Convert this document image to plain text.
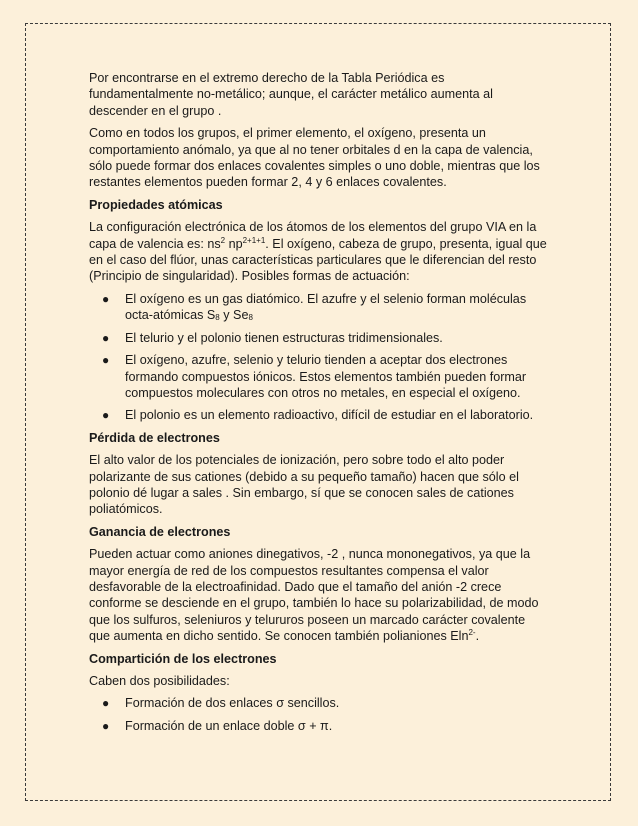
Por encontrarse en el extremo derecho de la Tabla Periódica es fundamentalmente no-metálico; aunque, el carácter metálico aumenta al descender en el grupo .

Como en todos los grupos, el primer elemento, el oxígeno, presenta un comportamiento anómalo, ya que al no tener orbitales d en la capa de valencia, sólo puede formar dos enlaces covalentes simples o uno doble, mientras que los restantes elementos pueden formar 2, 4 y 6 enlaces covalentes.

Propiedades atómicas

La configuración electrónica de los átomos de los elementos del grupo VIA en la capa de valencia es: $ns^2$ $np^{2+1+1}$. El oxígeno, cabeza de grupo, presenta, igual que en el caso del flúor, unas características particulares que le diferencian del resto (Principio de singularidad). Posibles formas de actuación:

● El oxígeno es un gas diatómico. El azufre y el selenio forman moléculas octa-atómicas $S_8$ y $Se_8$
● El telurio y el polonio tienen estructuras tridimensionales.
● El oxígeno, azufre, selenio y telurio tienden a aceptar dos electrones formando compuestos iónicos. Estos elementos también pueden formar compuestos moleculares con otros no metales, en especial el oxígeno.
● El polonio es un elemento radioactivo, difícil de estudiar en el laboratorio.
Pérdida de electrones

El alto valor de los potenciales de ionización, pero sobre todo el alto poder polarizante de sus cationes (debido a su pequeño tamaño) hacen que sólo el polonio dé lugar a sales . Sin embargo, sí que se conocen sales de cationes poliatómicos.

Ganancia de electrones

Pueden actuar como aniones dinegativos, -2 , nunca mononegativos, ya que la mayor energía de red de los compuestos resultantes compensa el valor desfavorable de la electroafinidad. Dado que el tamaño del anión -2 crece conforme se desciende en el grupo, también lo hace su polarizabilidad, de modo que los sulfuros, seleniuros y telururos poseen un marcado carácter covalente que aumenta en dicho sentido. Se conocen también polianiones Eln$^{2-}$.

Compartición de los electrones

Caben dos posibilidades:

● Formación de dos enlaces σ sencillos.
● Formación de un enlace doble σ + π.
